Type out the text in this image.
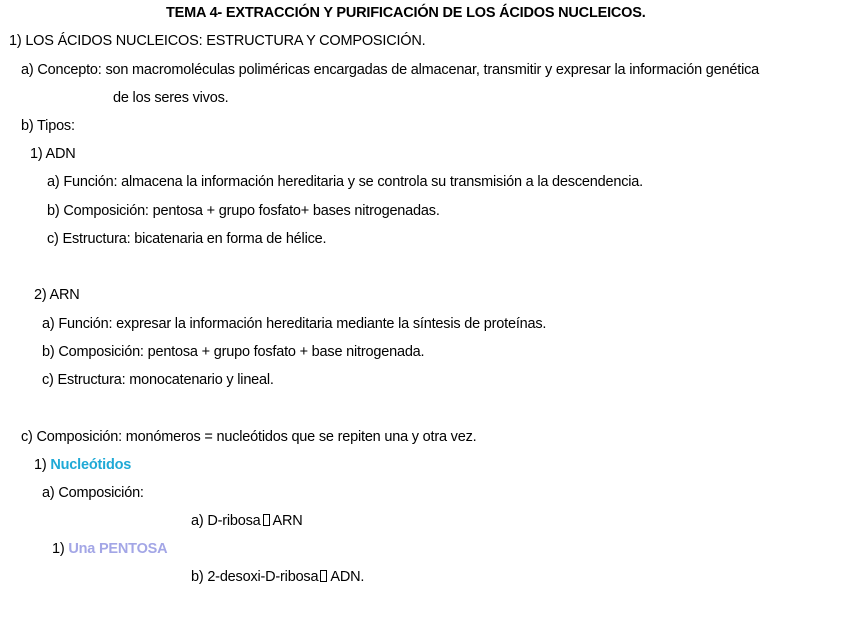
TEMA 4- EXTRACCIÓN Y PURIFICACIÓN DE LOS ÁCIDOS NUCLEICOS.
1) LOS ÁCIDOS NUCLEICOS: ESTRUCTURA Y COMPOSICIÓN.
a) Concepto: son macromoléculas poliméricas encargadas de almacenar, transmitir y expresar la información genética
de los seres vivos.
b) Tipos:
1) ADN
a) Función: almacena la información hereditaria y se controla su transmisión a la descendencia.
b) Composición: pentosa + grupo fosfato+ bases nitrogenadas.
c) Estructura: bicatenaria en forma de hélice.
2) ARN
a) Función: expresar la información hereditaria mediante la síntesis de proteínas.
b) Composición: pentosa + grupo fosfato + base nitrogenada.
c) Estructura: monocatenario y lineal.
c) Composición: monómeros = nucleótidos que se repiten una y otra vez.
1) Nucleótidos
a) Composición:
a) D-ribosa ARN
1) Una PENTOSA
b) 2-desoxi-D-ribosa ADN.
